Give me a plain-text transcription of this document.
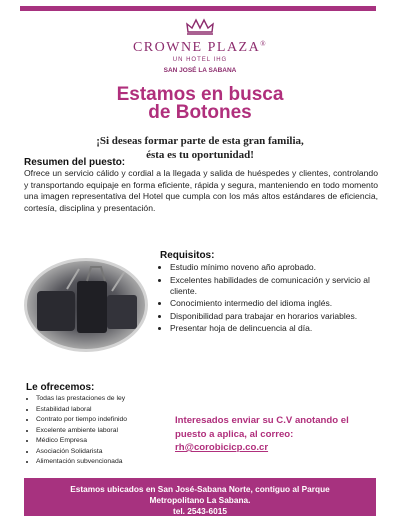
CROWNE PLAZA®
UN HOTEL IHG
SAN JOSÉ LA SABANA
Estamos en busca
de Botones
¡Si deseas formar parte de esta gran familia,
ésta es tu oportunidad!
Resumen del puesto:
Ofrece un servicio cálido y cordial a la llegada y salida de huéspedes y clientes, controlando y transportando equipaje en forma eficiente, rápida y segura, manteniendo en todo momento una imagen representativa del Hotel que cumpla con los más altos estándares de eficiencia, cortesía, disciplina y presentación.
Requisitos:
• Estudio mínimo noveno año aprobado.
• Excelentes habilidades de comunicación y servicio al cliente.
• Conocimiento intermedio del idioma inglés.
• Disponibilidad para trabajar en horarios variables.
• Presentar hoja de delincuencia al día.
Le ofrecemos:
• Todas las prestaciones de ley
• Estabilidad laboral
• Contrato por tiempo indefinido
• Excelente ambiente laboral
• Médico Empresa
• Asociación Solidarista
• Alimentación subvencionada
Interesados enviar su C.V anotando el puesto a aplica, al correo:
rh@corobicicp.co.cr
Estamos ubicados en San José-Sabana Norte, contiguo al Parque
Metropolitano La Sabana.
tel. 2543-6015
